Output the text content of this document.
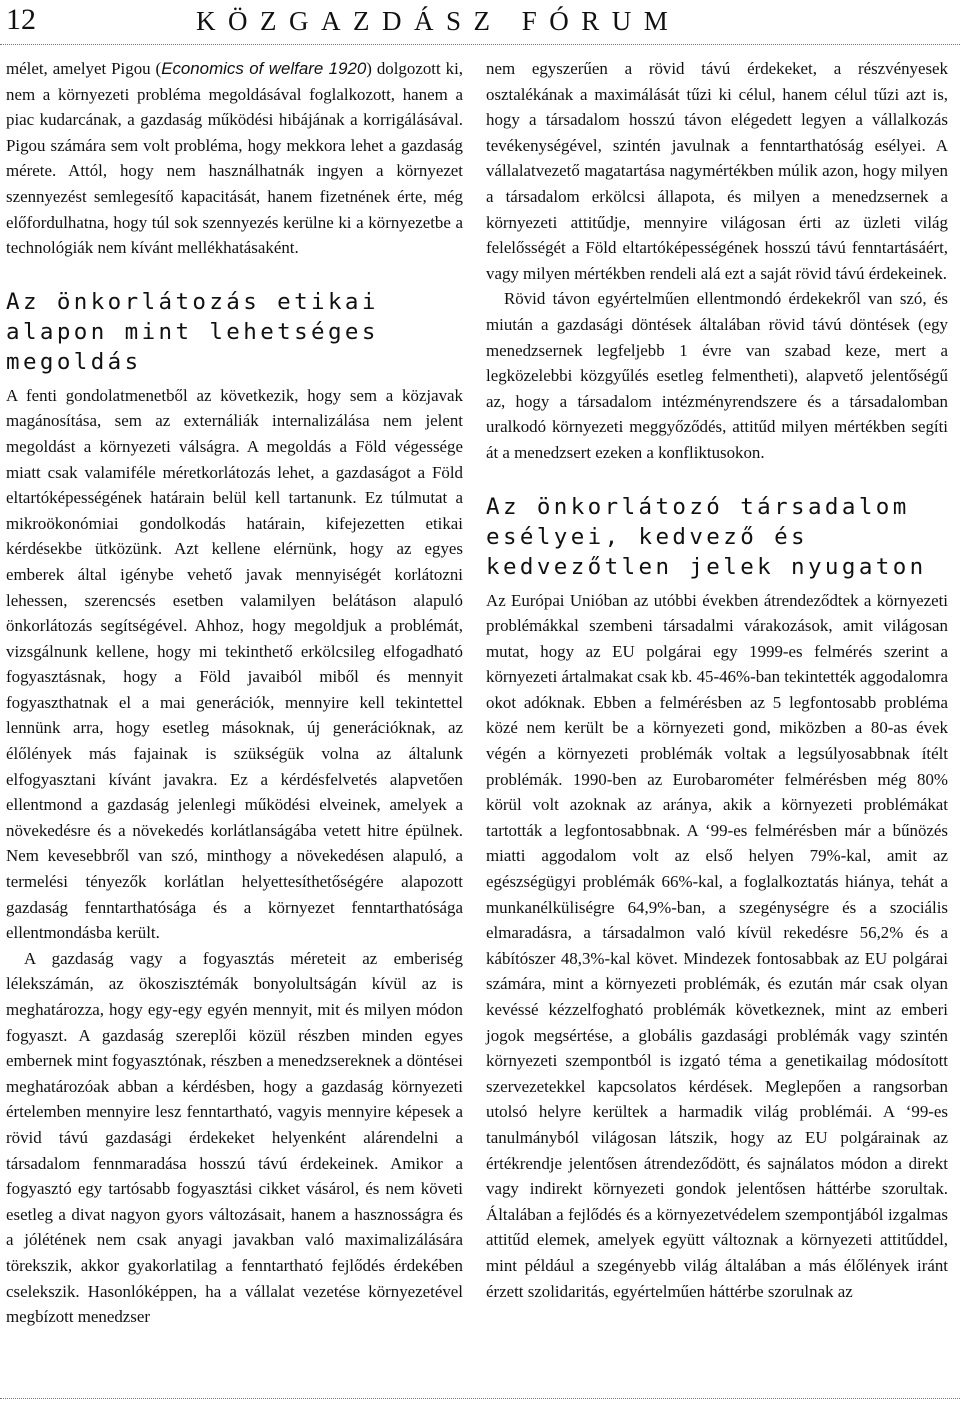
12	KÖZGAZDÁSZ FÓRUM

mélet, amelyet Pigou (Economics of welfare 1920) dolgozott ki, nem a környezeti probléma megoldásával foglalkozott, hanem a piac kudarcának, a gazdaság működési hibájának a korrigálásával. Pigou számára sem volt probléma, hogy mekkora lehet a gazdaság mérete. Attól, hogy nem használhatnák ingyen a környezet szennyezést semlegesítő kapacitását, hanem fizetnének érte, még előfordulhatna, hogy túl sok szennyezés kerülne ki a környezetbe a technológiák nem kívánt mellékhatásaként.

Az önkorlátozás etikai alapon mint lehetséges megoldás

A fenti gondolatmenetből az következik, hogy sem a közjavak magánosítása, sem az externáliák internalizálása nem jelent megoldást a környezeti válságra. A megoldás a Föld végessége miatt csak valamiféle méretkorlátozás lehet, a gazdaságot a Föld eltartóképességének határain belül kell tartanunk. Ez túlmutat a mikroökonómiai gondolkodás határain, kifejezetten etikai kérdésekbe ütközünk. Azt kellene elérnünk, hogy az egyes emberek által igénybe vehető javak mennyiségét korlátozni lehessen, szerencsés esetben valamilyen belátáson alapuló önkorlátozás segítségével. Ahhoz, hogy megoldjuk a problémát, vizsgálnunk kellene, hogy mi tekinthető erkölcsileg elfogadható fogyasztásnak, hogy a Föld javaiból miből és mennyit fogyaszthatnak el a mai generációk, mennyire kell tekintettel lennünk arra, hogy esetleg másoknak, új generációknak, az élőlények más fajainak is szükségük volna az általunk elfogyasztani kívánt javakra. Ez a kérdésfelvetés alapvetően ellentmond a gazdaság jelenlegi működési elveinek, amelyek a növekedésre és a növekedés korlátlanságába vetett hitre épülnek. Nem kevesebbről van szó, minthogy a növekedésen alapuló, a termelési tényezők korlátlan helyettesíthetőségére alapozott gazdaság fenntarthatósága és a környezet fenntarthatósága ellentmondásba került.

A gazdaság vagy a fogyasztás méreteit az emberiség lélekszámán, az ökoszisztémák bonyolultságán kívül az is meghatározza, hogy egy-egy egyén mennyit, mit és milyen módon fogyaszt. A gazdaság szereplői közül részben minden egyes embernek mint fogyasztónak, részben a menedzsereknek a döntései meghatározóak abban a kérdésben, hogy a gazdaság környezeti értelemben mennyire lesz fenntartható, vagyis mennyire képesek a rövid távú gazdasági érdekeket helyenként alárendelni a társadalom fennmaradása hosszú távú érdekeinek. Amikor a fogyasztó egy tartósabb fogyasztási cikket vásárol, és nem követi esetleg a divat nagyon gyors változásait, hanem a hasznosságra és a jólétének nem csak anyagi javakban való maximalizálására törekszik, akkor gyakorlatilag a fenntartható fejlődés érdekében cselekszik. Hasonlóképpen, ha a vállalat vezetése környezetével megbízott menedzser

nem egyszerűen a rövid távú érdekeket, a részvényesek osztalékának a maximálását tűzi ki célul, hanem célul tűzi azt is, hogy a társadalom hosszú távon elégedett legyen a vállalkozás tevékenységével, szintén javulnak a fenntarthatóság esélyei. A vállalatvezető magatartása nagymértékben múlik azon, hogy milyen a társadalom erkölcsi állapota, és milyen a menedzsernek a környezeti attitűdje, mennyire világosan érti az üzleti világ felelősségét a Föld eltartóképességének hosszú távú fenntartásáért, vagy milyen mértékben rendeli alá ezt a saját rövid távú érdekeinek.

Rövid távon egyértelműen ellentmondó érdekekről van szó, és miután a gazdasági döntések általában rövid távú döntések (egy menedzsernek legfeljebb 1 évre van szabad keze, mert a legközelebbi közgyűlés esetleg felmentheti), alapvető jelentőségű az, hogy a társadalom intézményrendszere és a társadalomban uralkodó környezeti meggyőződés, attitűd milyen mértékben segíti át a menedzsert ezeken a konfliktusokon.

Az önkorlátozó társadalom esélyei, kedvező és kedvezőtlen jelek nyugaton

Az Európai Unióban az utóbbi években átrendeződtek a környezeti problémákkal szembeni társadalmi várakozások, amit világosan mutat, hogy az EU polgárai egy 1999-es felmérés szerint a környezeti ártalmakat csak kb. 45-46%-ban tekintették aggodalomra okot adóknak. Ebben a felmérésben az 5 legfontosabb probléma közé nem került be a környezeti gond, miközben a 80-as évek végén a környezeti problémák voltak a legsúlyosabbnak ítélt problémák. 1990-ben az Eurobarométer felmérésben még 80% körül volt azoknak az aránya, akik a környezeti problémákat tartották a legfontosabbnak. A ‘99-es felmérésben már a bűnözés miatti aggodalom volt az első helyen 79%-kal, amit az egészségügyi problémák 66%-kal, a foglalkoztatás hiánya, tehát a munkanélküliségre 64,9%-ban, a szegénységre és a szociális elmaradásra, a társadalmon való kívül rekedésre 56,2% és a kábítószer 48,3%-kal követ. Mindezek fontosabbak az EU polgárai számára, mint a környezeti problémák, és ezután már csak olyan kevéssé kézzelfogható problémák következnek, mint az emberi jogok megsértése, a globális gazdasági problémák vagy szintén környezeti szempontból is izgató téma a genetikailag módosított szervezetekkel kapcsolatos kérdések. Meglepően a rangsorban utolsó helyre kerültek a harmadik világ problémái. A ‘99-es tanulmányból világosan látszik, hogy az EU polgárainak az értékrendje jelentősen átrendeződött, és sajnálatos módon a direkt vagy indirekt környezeti gondok jelentősen háttérbe szorultak. Általában a fejlődés és a környezetvédelem szempontjából izgalmas attitűd elemek, amelyek együtt változnak a környezeti attitűddel, mint például a szegényebb világ általában a más élőlények iránt érzett szolidaritás, egyértelműen háttérbe szorulnak az
